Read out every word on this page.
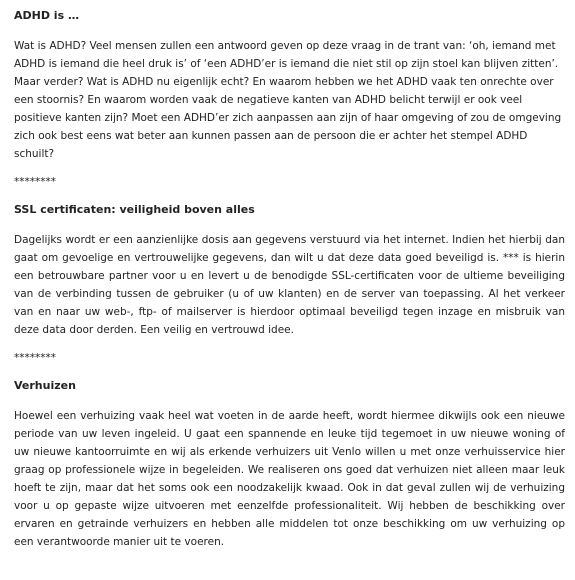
ADHD is …

Wat is ADHD? Veel mensen zullen een antwoord geven op deze vraag in de trant van: ‘oh, iemand met ADHD is iemand die heel druk is’ of ‘een ADHD’er is iemand die niet stil op zijn stoel kan blijven zitten’. Maar verder? Wat is ADHD nu eigenlijk echt? En waarom hebben we het ADHD vaak ten onrechte over een stoornis? En waarom worden vaak de negatieve kanten van ADHD belicht terwijl er ook veel positieve kanten zijn? Moet een ADHD’er zich aanpassen aan zijn of haar omgeving of zou de omgeving zich ook best eens wat beter aan kunnen passen aan de persoon die er achter het stempel ADHD schuilt?

********
SSL certificaten: veiligheid boven alles

Dagelijks wordt er een aanzienlijke dosis aan gegevens verstuurd via het internet. Indien het hierbij dan gaat om gevoelige en vertrouwelijke gegevens, dan wilt u dat deze data goed beveiligd is. *** is hierin een betrouwbare partner voor u en levert u de benodigde SSL-certificaten voor de ultieme beveiliging van de verbinding tussen de gebruiker (u of uw klanten) en de server van toepassing. Al het verkeer van en naar uw web-, ftp- of mailserver is hierdoor optimaal beveiligd tegen inzage en misbruik van deze data door derden. Een veilig en vertrouwd idee.

********
Verhuizen

Hoewel een verhuizing vaak heel wat voeten in de aarde heeft, wordt hiermee dikwijls ook een nieuwe periode van uw leven ingeleid. U gaat een spannende en leuke tijd tegemoet in uw nieuwe woning of uw nieuwe kantoorruimte en wij als erkende verhuizers uit Venlo willen u met onze verhuisservice hier graag op professionele wijze in begeleiden. We realiseren ons goed dat verhuizen niet alleen maar leuk hoeft te zijn, maar dat het soms ook een noodzakelijk kwaad. Ook in dat geval zullen wij de verhuizing voor u op gepaste wijze uitvoeren met eenzelfde professionaliteit. Wij hebben de beschikking over ervaren en getrainde verhuizers en hebben alle middelen tot onze beschikking om uw verhuizing op een verantwoorde manier uit te voeren.
